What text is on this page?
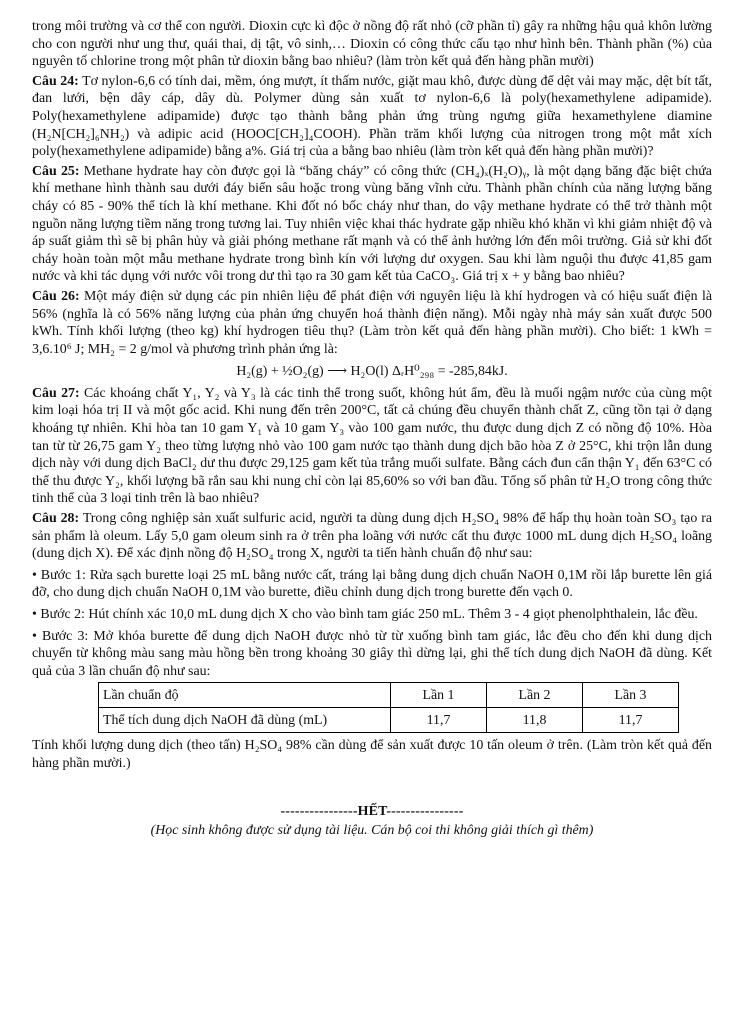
trong môi trường và cơ thể con người. Dioxin cực kì độc ở nồng độ rất nhỏ (cỡ phần tỉ) gây ra những hậu quả khôn lường cho con người như ung thư, quái thai, dị tật, vô sinh,… Dioxin có công thức cấu tạo như hình bên. Thành phần (%) của nguyên tố chlorine trong một phân tử dioxin bằng bao nhiêu? (làm tròn kết quả đến hàng phần mười)

Câu 24: Tơ nylon-6,6 có tính dai, mềm, óng mượt, ít thấm nước, giặt mau khô, được dùng để dệt vải may mặc, dệt bít tất, đan lưới, bện dây cáp, dây dù. Polymer dùng sản xuất tơ nylon-6,6 là poly(hexamethylene adipamide). Poly(hexamethylene adipamide) được tạo thành bằng phản ứng trùng ngưng giữa hexamethylene diamine (H₂N[CH₂]₆NH₂) và adipic acid (HOOC[CH₂]₄COOH). Phần trăm khối lượng của nitrogen trong một mắt xích poly(hexamethylene adipamide) bằng a%. Giá trị của a bằng bao nhiêu (làm tròn kết quả đến hàng phần mười)?

Câu 25: Methane hydrate hay còn được gọi là “băng cháy” có công thức (CH₄)ₓ(H₂O)ᵧ, là một dạng băng đặc biệt chứa khí methane hình thành sau dưới đáy biển sâu hoặc trong vùng băng vĩnh cửu. Thành phần chính của năng lượng băng cháy có 85 - 90% thể tích là khí methane. Khi đốt nó bốc cháy như than, do vậy methane hydrate có thể trở thành một nguồn năng lượng tiềm năng trong tương lai. Tuy nhiên việc khai thác hydrate gặp nhiều khó khăn vì khi giảm nhiệt độ và áp suất giảm thì sẽ bị phân hủy và giải phóng methane rất mạnh và có thể ảnh hưởng lớn đến môi trường. Giả sử khi đốt cháy hoàn toàn một mẫu methane hydrate trong bình kín với lượng dư oxygen. Sau khi làm nguội thu được 41,85 gam nước và khi tác dụng với nước vôi trong dư thì tạo ra 30 gam kết tủa CaCO₃. Giá trị x + y bằng bao nhiêu?

Câu 26: Một máy điện sử dụng các pin nhiên liệu để phát điện với nguyên liệu là khí hydrogen và có hiệu suất điện là 56% (nghĩa là có 56% năng lượng của phản ứng chuyển hoá thành điện năng). Mỗi ngày nhà máy sản xuất được 500 kWh. Tính khối lượng (theo kg) khí hydrogen tiêu thụ? (Làm tròn kết quả đến hàng phần mười). Cho biết: 1 kWh = 3,6.10⁶ J; MH₂ = 2 g/mol và phương trình phản ứng là:

H₂(g) + ½O₂(g) ⟶ H₂O(l) ΔᵣH⁰₂₉₈ = -285,84kJ.

Câu 27: Các khoáng chất Y₁, Y₂ và Y₃ là các tinh thể trong suốt, không hút ẩm, đều là muối ngậm nước của cùng một kim loại hóa trị II và một gốc acid. Khi nung đến trên 200°C, tất cả chúng đều chuyển thành chất Z, cũng tồn tại ở dạng khoáng tự nhiên. Khi hòa tan 10 gam Y₁ và 10 gam Y₃ vào 100 gam nước, thu được dung dịch Z có nồng độ 10%. Hòa tan từ từ 26,75 gam Y₂ theo từng lượng nhỏ vào 100 gam nước tạo thành dung dịch bão hòa Z ở 25°C, khi trộn lẫn dung dịch này với dung dịch BaCl₂ dư thu được 29,125 gam kết tủa trắng muối sulfate. Bằng cách đun cẩn thận Y₁ đến 63°C có thể thu được Y₂, khối lượng bã rắn sau khi nung chỉ còn lại 85,60% so với ban đầu. Tổng số phân tử H₂O trong công thức tinh thể của 3 loại tinh trên là bao nhiêu?

Câu 28: Trong công nghiệp sản xuất sulfuric acid, người ta dùng dung dịch H₂SO₄ 98% để hấp thụ hoàn toàn SO₃ tạo ra sản phẩm là oleum. Lấy 5,0 gam oleum sinh ra ở trên pha loãng với nước cất thu được 1000 mL dung dịch H₂SO₄ loãng (dung dịch X). Để xác định nồng độ H₂SO₄ trong X, người ta tiến hành chuẩn độ như sau:

• Bước 1: Rửa sạch burette loại 25 mL bằng nước cất, tráng lại bằng dung dịch chuẩn NaOH 0,1M rồi lắp burette lên giá đỡ, cho dung dịch chuẩn NaOH 0,1M vào burette, điều chỉnh dung dịch trong burette đến vạch 0.

• Bước 2: Hút chính xác 10,0 mL dung dịch X cho vào bình tam giác 250 mL. Thêm 3 - 4 giọt phenolphthalein, lắc đều.

• Bước 3: Mở khóa burette để dung dịch NaOH được nhỏ từ từ xuống bình tam giác, lắc đều cho đến khi dung dịch chuyển từ không màu sang màu hồng bền trong khoảng 30 giây thì dừng lại, ghi thể tích dung dịch NaOH đã dùng. Kết quả của 3 lần chuẩn độ như sau:

Lần chuẩn độ	Lần 1	Lần 2	Lần 3
Thể tích dung dịch NaOH đã dùng (mL)	11,7	11,8	11,7

Tính khối lượng dung dịch (theo tấn) H₂SO₄ 98% cần dùng để sản xuất được 10 tấn oleum ở trên. (Làm tròn kết quả đến hàng phần mười.)

----------------HẾT----------------

(Học sinh không được sử dụng tài liệu. Cán bộ coi thi không giải thích gì thêm)
